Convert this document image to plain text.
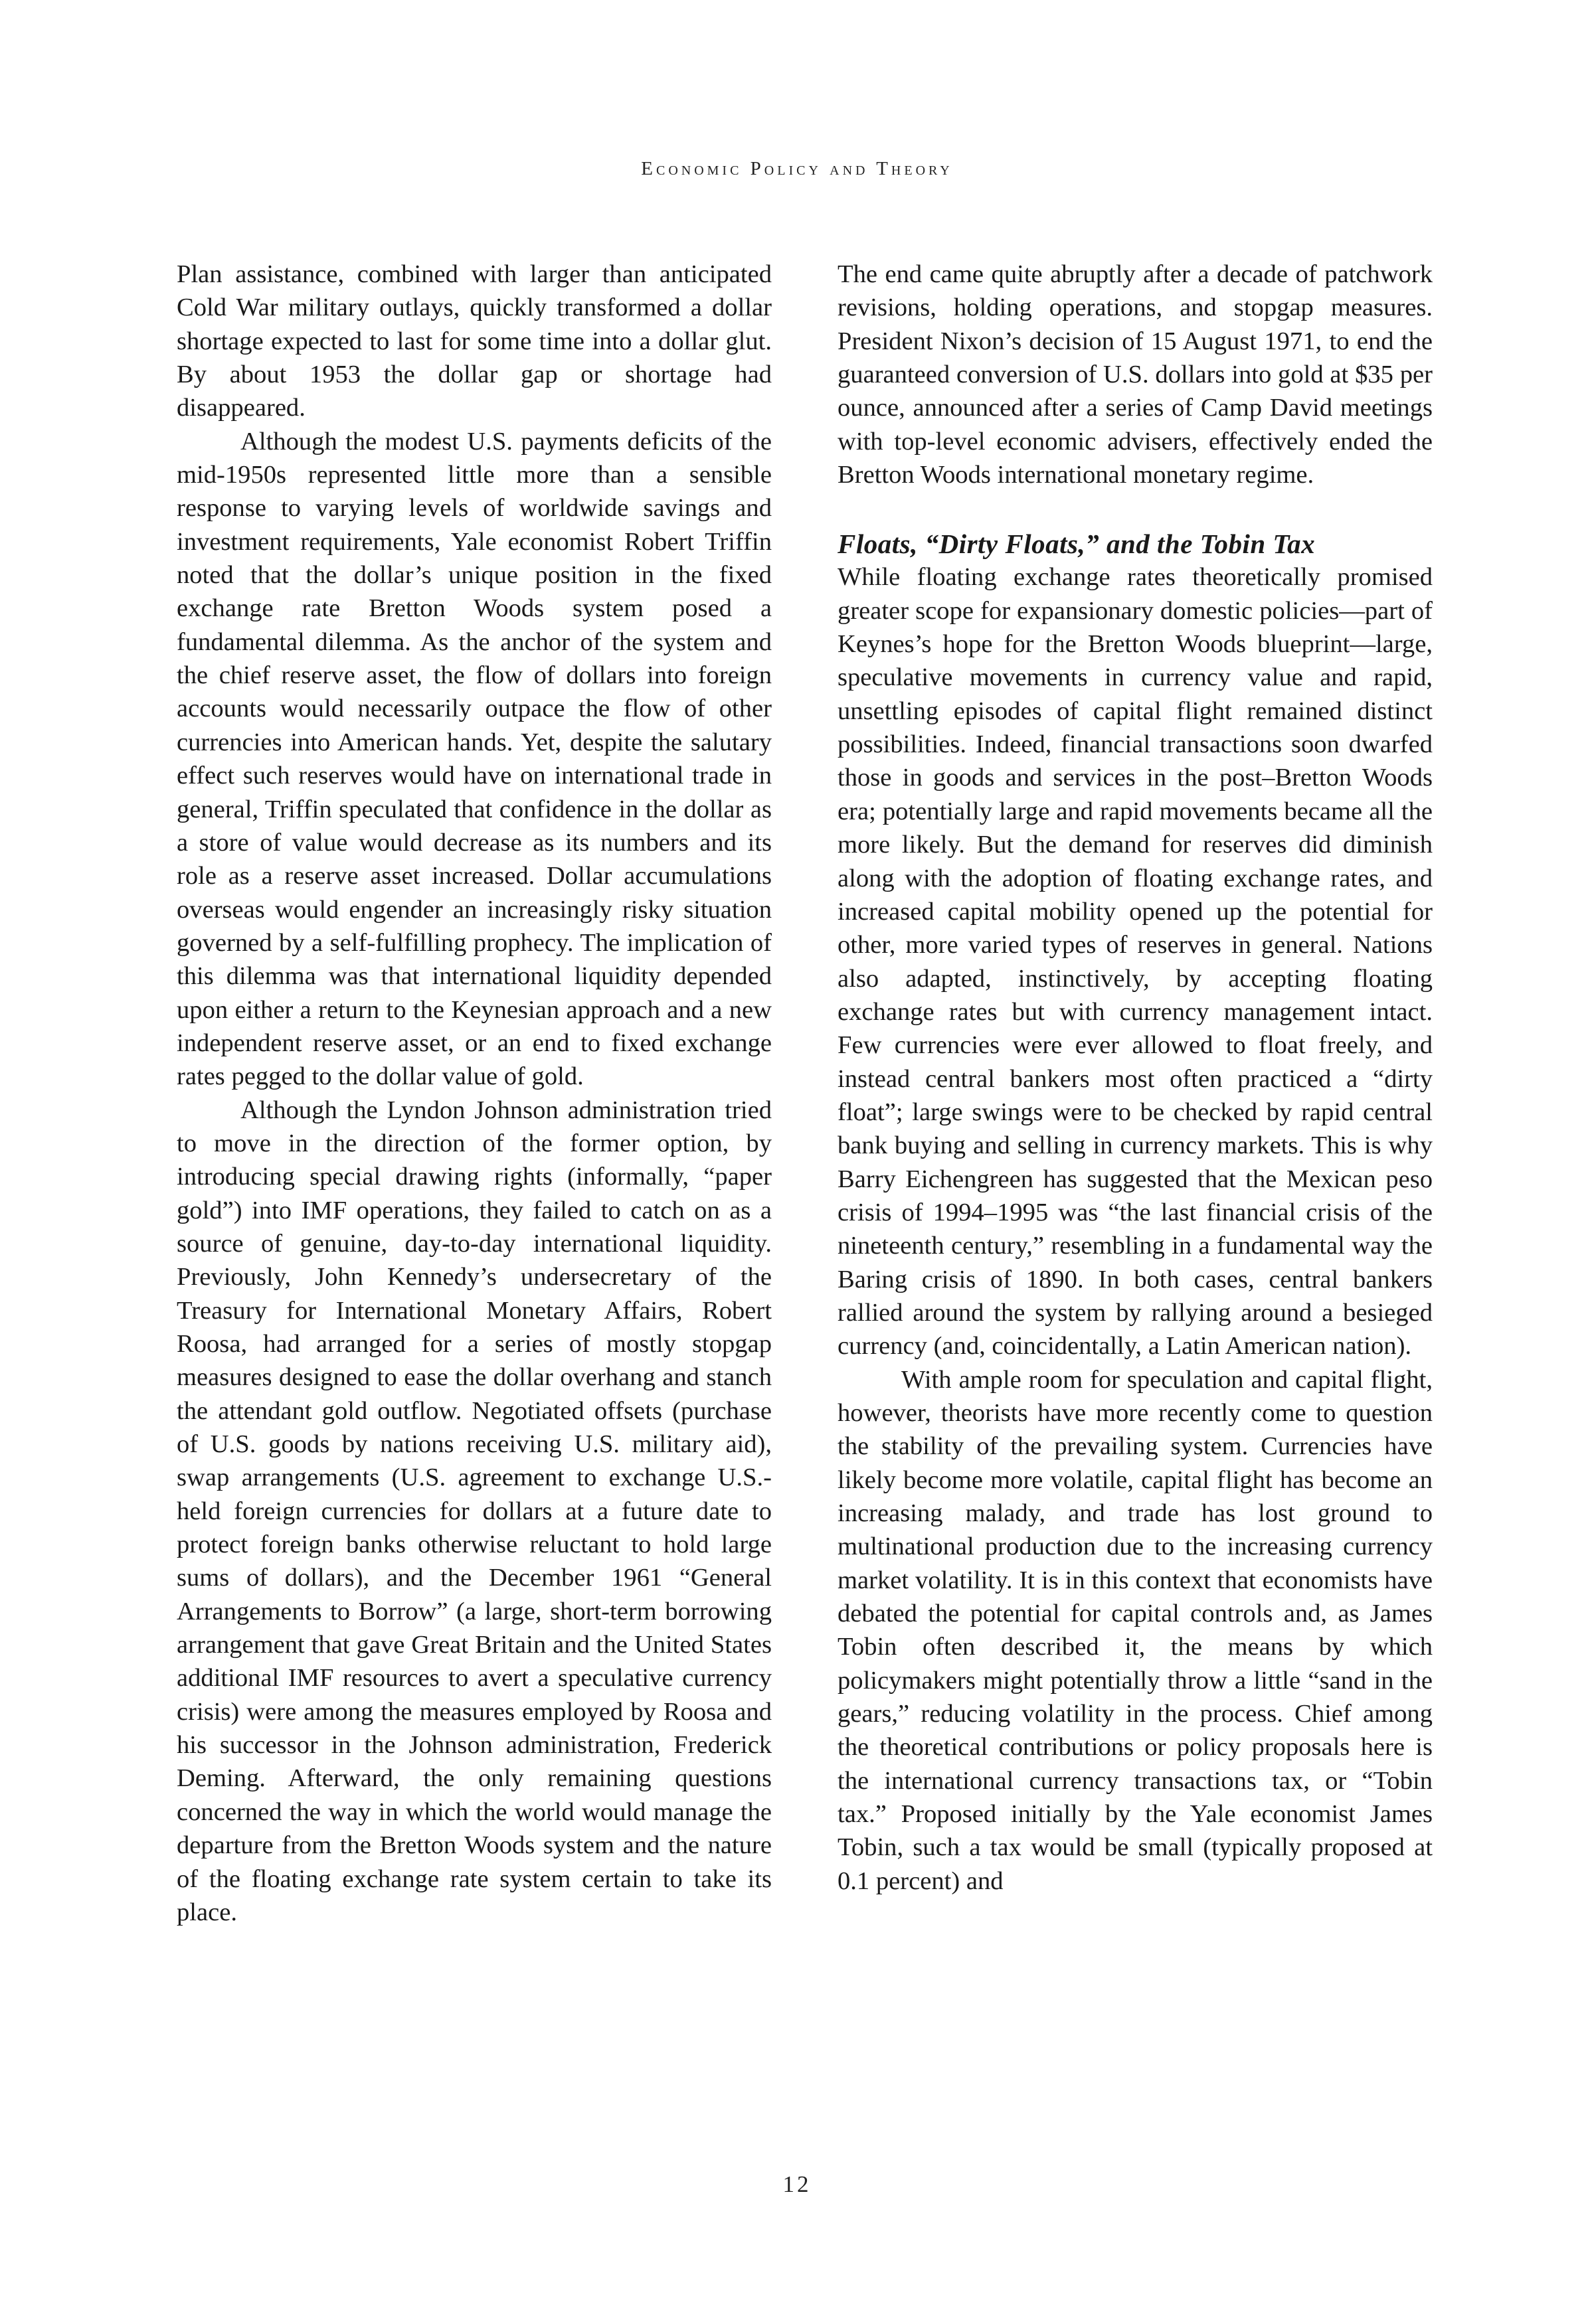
Economic Policy and Theory

Plan assistance, combined with larger than anticipated Cold War military outlays, quickly transformed a dollar shortage expected to last for some time into a dollar glut. By about 1953 the dollar gap or shortage had disappeared.

Although the modest U.S. payments deficits of the mid-1950s represented little more than a sensible response to varying levels of worldwide savings and investment requirements, Yale economist Robert Triffin noted that the dollar’s unique position in the fixed exchange rate Bretton Woods system posed a fundamental dilemma. As the anchor of the system and the chief reserve asset, the flow of dollars into foreign accounts would necessarily outpace the flow of other currencies into American hands. Yet, despite the salutary effect such reserves would have on international trade in general, Triffin speculated that confidence in the dollar as a store of value would decrease as its numbers and its role as a reserve asset increased. Dollar accumulations overseas would engender an increasingly risky situation governed by a self-fulfilling prophecy. The implication of this dilemma was that international liquidity depended upon either a return to the Keynesian approach and a new independent reserve asset, or an end to fixed exchange rates pegged to the dollar value of gold.

Although the Lyndon Johnson administration tried to move in the direction of the former option, by introducing special drawing rights (informally, “paper gold”) into IMF operations, they failed to catch on as a source of genuine, day-to-day international liquidity. Previously, John Kennedy’s undersecretary of the Treasury for International Monetary Affairs, Robert Roosa, had arranged for a series of mostly stopgap measures designed to ease the dollar overhang and stanch the attendant gold outflow. Negotiated offsets (purchase of U.S. goods by nations receiving U.S. military aid), swap arrangements (U.S. agreement to exchange U.S.-held foreign currencies for dollars at a future date to protect foreign banks otherwise reluctant to hold large sums of dollars), and the December 1961 “General Arrangements to Borrow” (a large, short-term borrowing arrangement that gave Great Britain and the United States additional IMF resources to avert a speculative currency crisis) were among the measures employed by Roosa and his successor in the Johnson administration, Frederick Deming. Afterward, the only remaining questions concerned the way in which the world would manage the departure from the Bretton Woods system and the nature of the floating exchange rate system certain to take its place.

The end came quite abruptly after a decade of patchwork revisions, holding operations, and stopgap measures. President Nixon’s decision of 15 August 1971, to end the guaranteed conversion of U.S. dollars into gold at $35 per ounce, announced after a series of Camp David meetings with top-level economic advisers, effectively ended the Bretton Woods international monetary regime.

Floats, “Dirty Floats,” and the Tobin Tax

While floating exchange rates theoretically promised greater scope for expansionary domestic policies—part of Keynes’s hope for the Bretton Woods blueprint—large, speculative movements in currency value and rapid, unsettling episodes of capital flight remained distinct possibilities. Indeed, financial transactions soon dwarfed those in goods and services in the post–Bretton Woods era; potentially large and rapid movements became all the more likely. But the demand for reserves did diminish along with the adoption of floating exchange rates, and increased capital mobility opened up the potential for other, more varied types of reserves in general. Nations also adapted, instinctively, by accepting floating exchange rates but with currency management intact. Few currencies were ever allowed to float freely, and instead central bankers most often practiced a “dirty float”; large swings were to be checked by rapid central bank buying and selling in currency markets. This is why Barry Eichengreen has suggested that the Mexican peso crisis of 1994–1995 was “the last financial crisis of the nineteenth century,” resembling in a fundamental way the Baring crisis of 1890. In both cases, central bankers rallied around the system by rallying around a besieged currency (and, coincidentally, a Latin American nation).

With ample room for speculation and capital flight, however, theorists have more recently come to question the stability of the prevailing system. Currencies have likely become more volatile, capital flight has become an increasing malady, and trade has lost ground to multinational production due to the increasing currency market volatility. It is in this context that economists have debated the potential for capital controls and, as James Tobin often described it, the means by which policymakers might potentially throw a little “sand in the gears,” reducing volatility in the process. Chief among the theoretical contributions or policy proposals here is the international currency transactions tax, or “Tobin tax.” Proposed initially by the Yale economist James Tobin, such a tax would be small (typically proposed at 0.1 percent) and

12
